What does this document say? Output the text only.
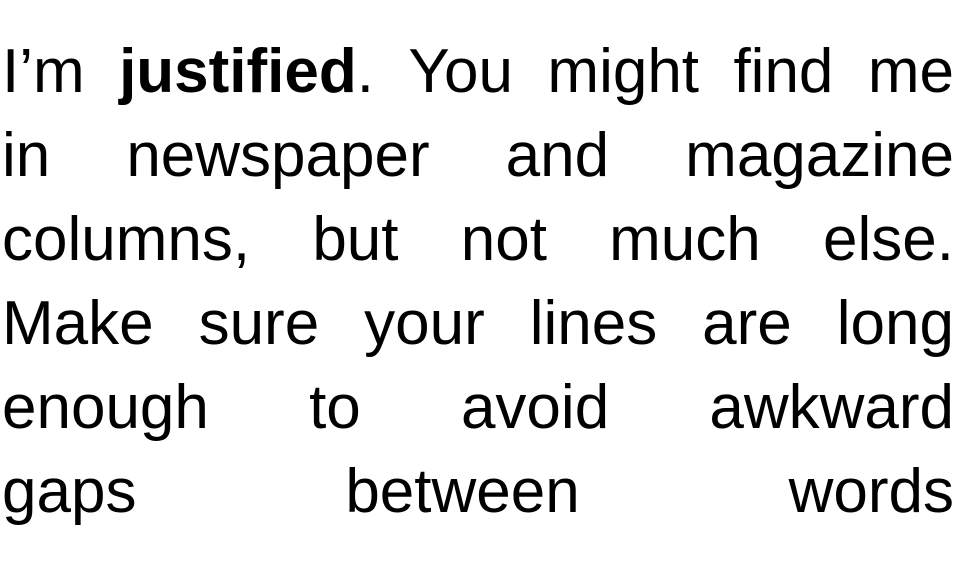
I’m justified. You might find me
in newspaper and magazine
columns, but not much else.
Make sure your lines are long
enough to avoid awkward
gaps	between	words
